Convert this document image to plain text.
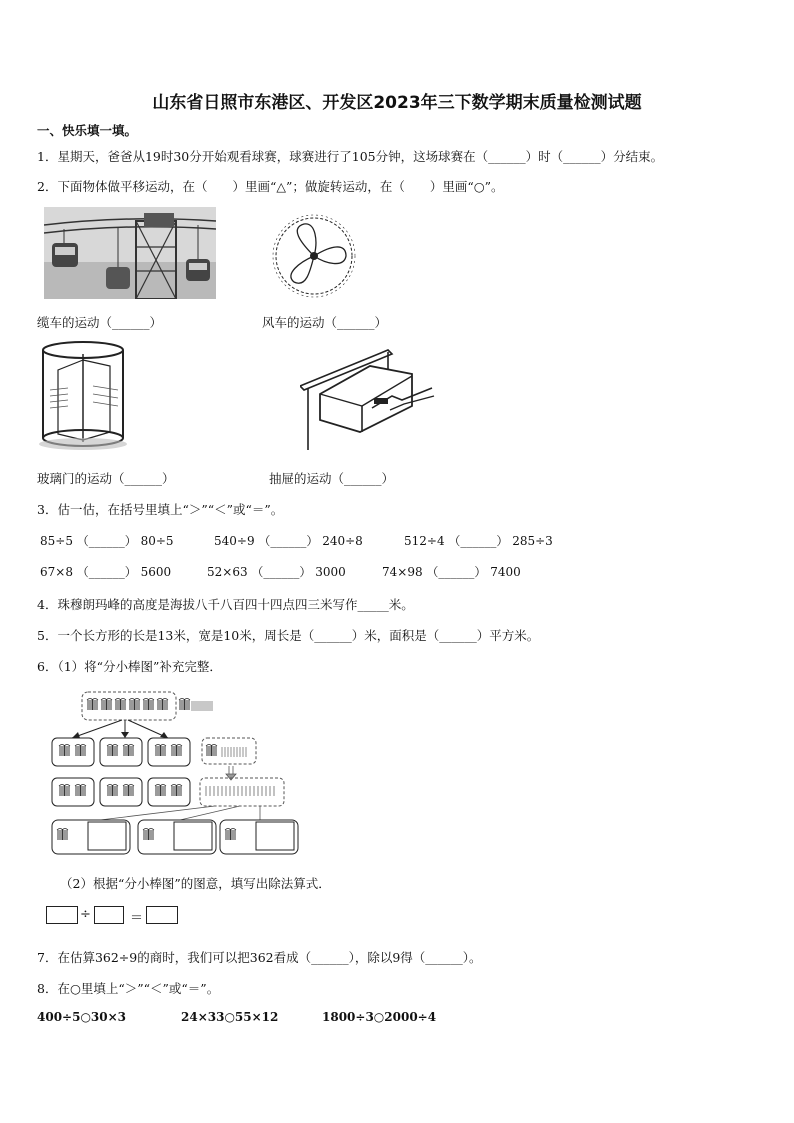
山东省日照市东港区、开发区2023年三下数学期末质量检测试题
一、快乐填一填。
1．星期天，爸爸从19时30分开始观看球赛，球赛进行了105分钟，这场球赛在（______）时（______）分结束。
2．下面物体做平移运动，在（　　）里画“△”；做旋转运动，在（　　）里画“○”。
缆车的运动（______）	风车的运动（______）
玻璃门的运动（______）	抽屉的运动（______）
3．估一估，在括号里填上“＞”“＜”或“＝”。
85÷5 （______） 80÷5	540÷9 （______） 240÷8	512÷4 （______） 285÷3
67×8 （______） 5600	52×63 （______） 3000	74×98 （______） 7400
4．珠穆朗玛峰的高度是海拔八千八百四十四点四三米写作_____米。
5．一个长方形的长是13米，宽是10米，周长是（______）米，面积是（______）平方米。
6．（1）将“分小棒图”补充完整．
（2）根据“分小棒图”的图意，填写出除法算式．
÷	＝
7．在估算362÷9的商时，我们可以把362看成（______），除以9得（______）。
8．在○里填上“＞”“＜”或“＝”。
400÷5○30×3	24×33○55×12	1800÷3○2000÷4
